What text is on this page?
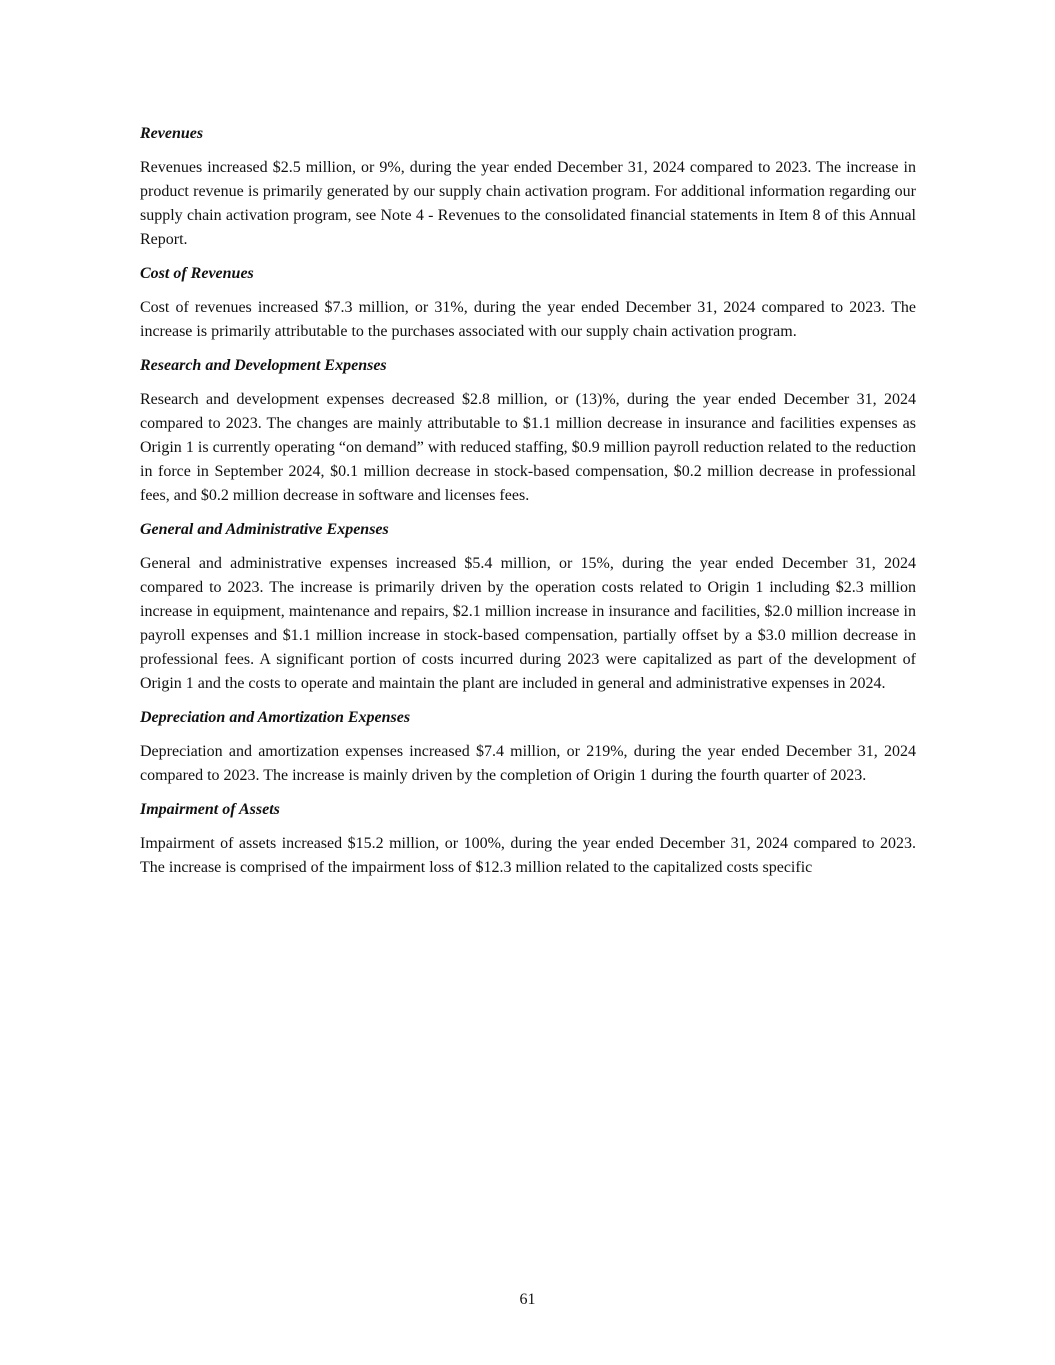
Revenues

Revenues increased $2.5 million, or 9%, during the year ended December 31, 2024 compared to 2023. The increase in product revenue is primarily generated by our supply chain activation program. For additional information regarding our supply chain activation program, see Note 4 - Revenues to the consolidated financial statements in Item 8 of this Annual Report.

Cost of Revenues

Cost of revenues increased $7.3 million, or 31%, during the year ended December 31, 2024 compared to 2023. The increase is primarily attributable to the purchases associated with our supply chain activation program.

Research and Development Expenses

Research and development expenses decreased $2.8 million, or (13)%, during the year ended December 31, 2024 compared to 2023. The changes are mainly attributable to $1.1 million decrease in insurance and facilities expenses as Origin 1 is currently operating “on demand” with reduced staffing, $0.9 million payroll reduction related to the reduction in force in September 2024, $0.1 million decrease in stock-based compensation, $0.2 million decrease in professional fees, and $0.2 million decrease in software and licenses fees.

General and Administrative Expenses

General and administrative expenses increased $5.4 million, or 15%, during the year ended December 31, 2024 compared to 2023. The increase is primarily driven by the operation costs related to Origin 1 including $2.3 million increase in equipment, maintenance and repairs, $2.1 million increase in insurance and facilities, $2.0 million increase in payroll expenses and $1.1 million increase in stock-based compensation, partially offset by a $3.0 million decrease in professional fees. A significant portion of costs incurred during 2023 were capitalized as part of the development of Origin 1 and the costs to operate and maintain the plant are included in general and administrative expenses in 2024.

Depreciation and Amortization Expenses

Depreciation and amortization expenses increased $7.4 million, or 219%, during the year ended December 31, 2024 compared to 2023. The increase is mainly driven by the completion of Origin 1 during the fourth quarter of 2023.

Impairment of Assets

Impairment of assets increased $15.2 million, or 100%, during the year ended December 31, 2024 compared to 2023. The increase is comprised of the impairment loss of $12.3 million related to the capitalized costs specific

61
